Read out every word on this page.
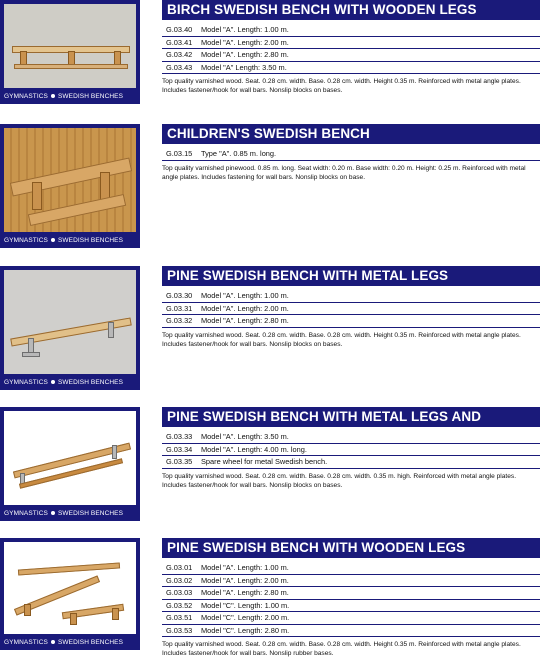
GYMNASTICS SWEDISH BENCHES
BIRCH SWEDISH BENCH WITH WOODEN LEGS
G.03.40 Model "A". Length: 1.00 m.
G.03.41 Model "A". Length: 2.00 m.
G.03.42 Model "A". Length: 2.80 m.
G.03.43 Model "A" Length: 3.50 m.
Top quality varnished wood. Seat. 0.28 cm. width. Base. 0.28 cm. width. Height 0.35 m. Reinforced with metal angle plates. Includes fastener/hook for wall bars. Nonslip blocks on bases.
GYMNASTICS SWEDISH BENCHES
CHILDREN'S SWEDISH BENCH
G.03.15 Type "A". 0.85 m. long.
Top quality varnished pinewood. 0.85 m. long. Seat width: 0.20 m. Base width: 0.20 m. Height: 0.25 m. Reinforced with metal angle plates. Includes fastening for wall bars. Nonslip blocks on base.
GYMNASTICS SWEDISH BENCHES
PINE SWEDISH BENCH WITH METAL LEGS
G.03.30 Model "A". Length: 1.00 m.
G.03.31 Model "A". Length: 2.00 m.
G.03.32 Model "A". Length: 2.80 m.
Top quality varnished wood. Seat. 0.28 cm. width. Base. 0.28 cm. width. Height 0.35 m. Reinforced with metal angle plates. Includes fastener/hook for wall bars. Nonslip blocks on bases.
GYMNASTICS SWEDISH BENCHES
PINE SWEDISH BENCH WITH METAL LEGS AND
G.03.33 Model "A". Length: 3.50 m.
G.03.34 Model "A". Length: 4.00 m. long.
G.03.35 Spare wheel for metal Swedish bench.
Top quality varnished wood. Seat. 0.28 cm. width. Base. 0.28 cm. width. 0.35 m. high. Reinforced with metal angle plates. Includes fastener/hook for wall bars. Nonslip blocks on bases.
GYMNASTICS SWEDISH BENCHES
PINE SWEDISH BENCH WITH WOODEN LEGS
G.03.01 Model "A". Length: 1.00 m.
G.03.02 Model "A". Length: 2.00 m.
G.03.03 Model "A". Length: 2.80 m.
G.03.52 Model "C". Length: 1.00 m.
G.03.51 Model "C". Length: 2.00 m.
G.03.53 Model "C". Length: 2.80 m.
Top quality varnished wood. Seat. 0.28 cm. width. Base. 0.28 cm. width. Height 0.35 m. Reinforced with metal angle plates. Includes fastener/hook for wall bars. Nonslip rubber bases.
